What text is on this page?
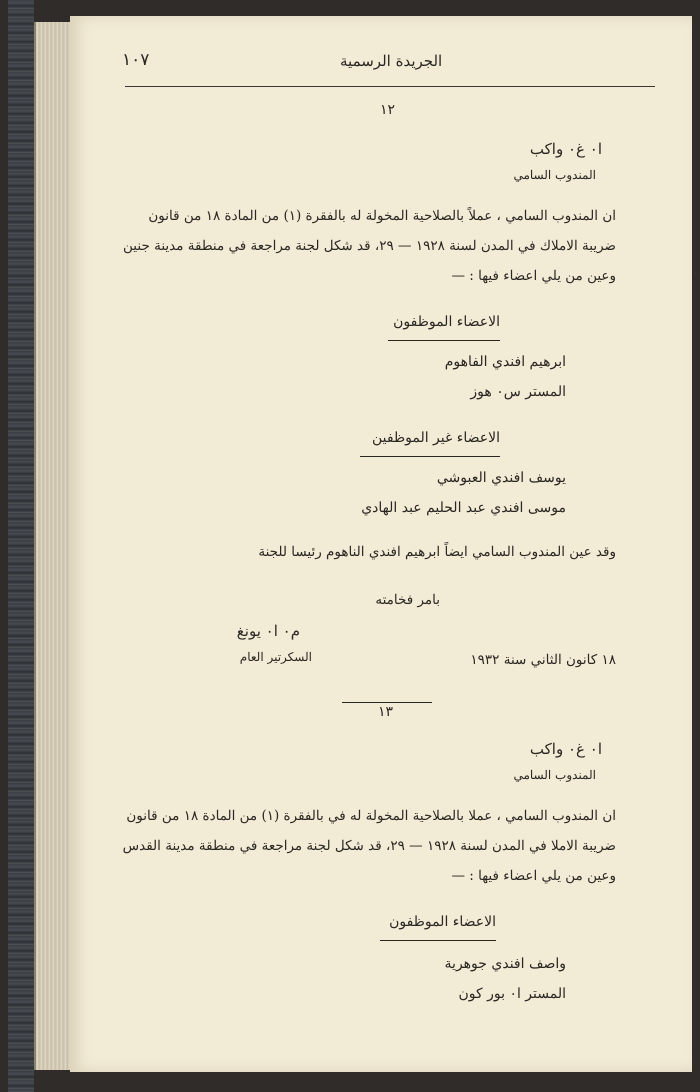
١٠٧	الجريدة الرسمية
١٢
ا٠ غ٠ واكب
المندوب السامي
ان المندوب السامي ، عملاً بالصلاحية المخولة له بالفقرة (١) من المادة ١٨ من قانون
ضريبة الاملاك في المدن لسنة ١٩٢٨ — ٢٩، قد شكل لجنة مراجعة في منطقة مدينة جنين
وعين من يلي اعضاء فيها : —
الاعضاء الموظفون
ابرهيم افندي الفاهوم
المستر س٠ هوز
الاعضاء غير الموظفين
يوسف افندي العبوشي
موسى افندي عبد الحليم عبد الهادي
وقد عين المندوب السامي ايضاً ابرهيم افندي الناهوم رئيسا للجنة
بامر فخامته
م٠ ا٠ يونغ
السكرتير العام	١٨ كانون الثاني سنة ١٩٣٢
١٣
ا٠ غ٠ واكب
المندوب السامي
ان المندوب السامي ، عملا بالصلاحية المخولة له في بالفقرة (١) من المادة ١٨ من قانون
ضريبة الاملا في المدن لسنة ١٩٢٨ — ٢٩، قد شكل لجنة مراجعة في منطقة مدينة القدس
وعين من يلي اعضاء فيها : —
الاعضاء الموظفون
واصف افندي جوهرية
المستر ا٠ بور كون
